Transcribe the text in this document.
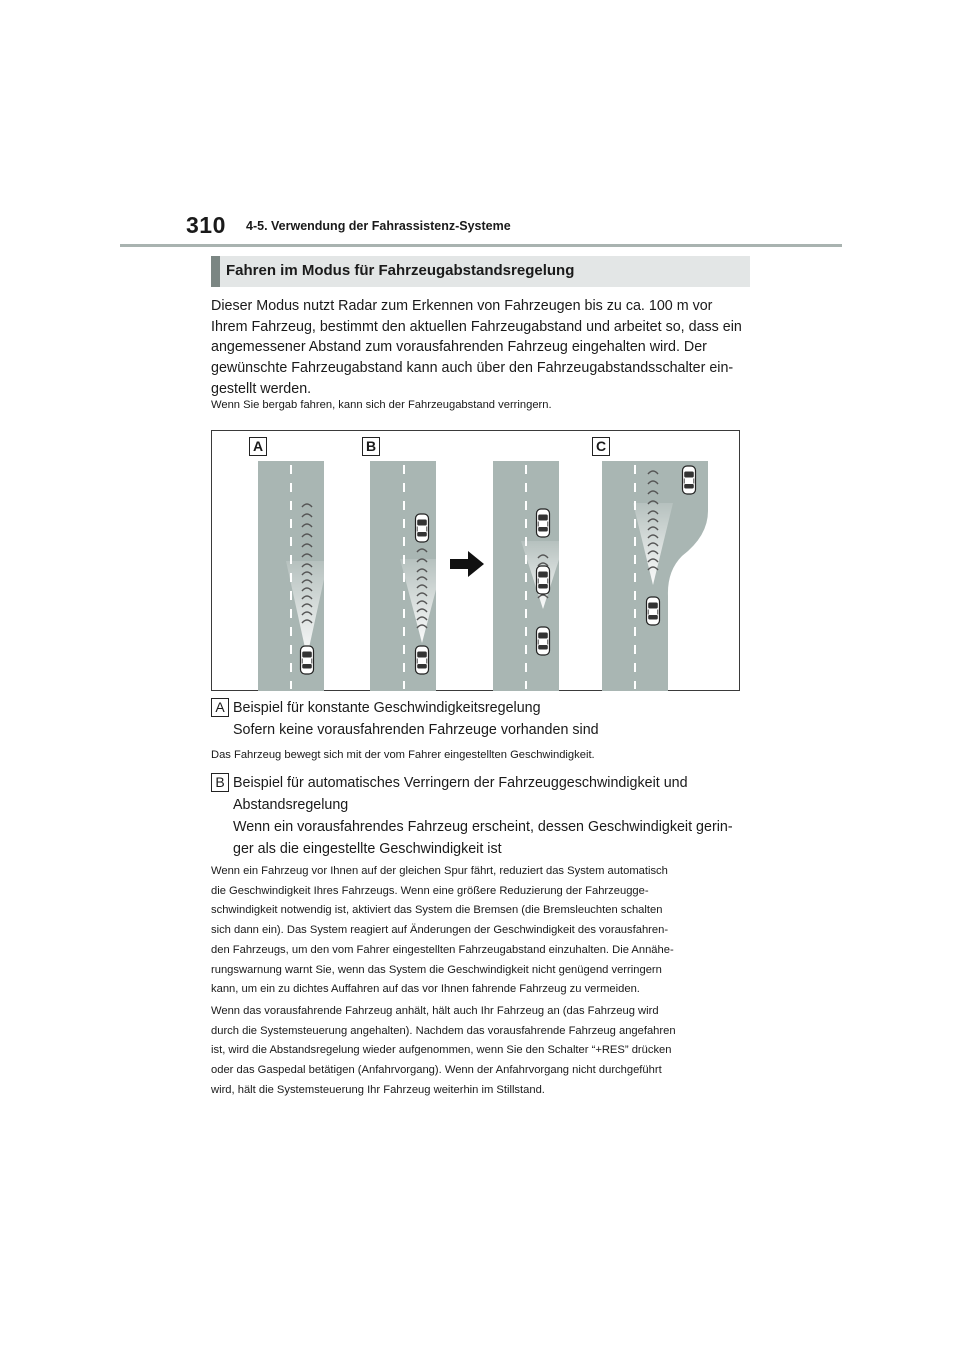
310 4-5. Verwendung der Fahrassistenz-Systeme
Fahren im Modus für Fahrzeugabstandsregelung

Dieser Modus nutzt Radar zum Erkennen von Fahrzeugen bis zu ca. 100 m vor
Ihrem Fahrzeug, bestimmt den aktuellen Fahrzeugabstand und arbeitet so, dass ein
angemessener Abstand zum vorausfahrenden Fahrzeug eingehalten wird. Der
gewünschte Fahrzeugabstand kann auch über den Fahrzeugabstandsschalter ein-
gestellt werden.

Wenn Sie bergab fahren, kann sich der Fahrzeugabstand verringern.

A	B	C
A Beispiel für konstante Geschwindigkeitsregelung
Sofern keine vorausfahrenden Fahrzeuge vorhanden sind

Das Fahrzeug bewegt sich mit der vom Fahrer eingestellten Geschwindigkeit.

B Beispiel für automatisches Verringern der Fahrzeuggeschwindigkeit und
Abstandsregelung
Wenn ein vorausfahrendes Fahrzeug erscheint, dessen Geschwindigkeit gerin-
ger als die eingestellte Geschwindigkeit ist

Wenn ein Fahrzeug vor Ihnen auf der gleichen Spur fährt, reduziert das System automatisch
die Geschwindigkeit Ihres Fahrzeugs. Wenn eine größere Reduzierung der Fahrzeugge-
schwindigkeit notwendig ist, aktiviert das System die Bremsen (die Bremsleuchten schalten
sich dann ein). Das System reagiert auf Änderungen der Geschwindigkeit des vorausfahren-
den Fahrzeugs, um den vom Fahrer eingestellten Fahrzeugabstand einzuhalten. Die Annähe-
rungswarnung warnt Sie, wenn das System die Geschwindigkeit nicht genügend verringern
kann, um ein zu dichtes Auffahren auf das vor Ihnen fahrende Fahrzeug zu vermeiden.

Wenn das vorausfahrende Fahrzeug anhält, hält auch Ihr Fahrzeug an (das Fahrzeug wird
durch die Systemsteuerung angehalten). Nachdem das vorausfahrende Fahrzeug angefahren
ist, wird die Abstandsregelung wieder aufgenommen, wenn Sie den Schalter “+RES” drücken
oder das Gaspedal betätigen (Anfahrvorgang). Wenn der Anfahrvorgang nicht durchgeführt
wird, hält die Systemsteuerung Ihr Fahrzeug weiterhin im Stillstand.
